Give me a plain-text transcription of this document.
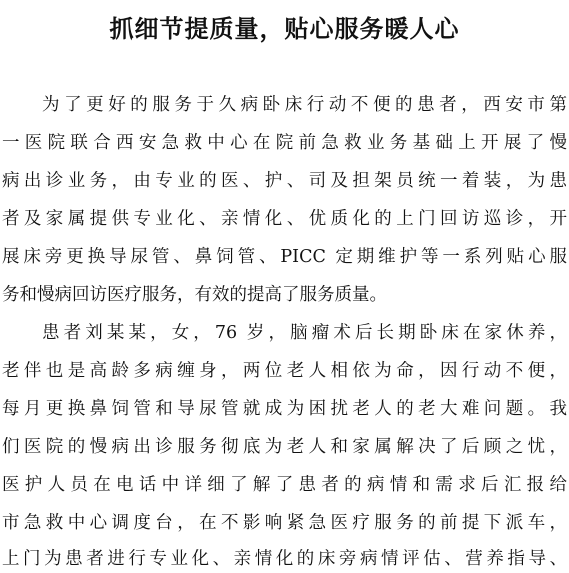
抓细节提质量，贴心服务暖人心
为了更好的服务于久病卧床行动不便的患者，西安市第
一医院联合西安急救中心在院前急救业务基础上开展了慢
病出诊业务，由专业的医、护、司及担架员统一着装，为患
者及家属提供专业化、亲情化、优质化的上门回访巡诊，开
展床旁更换导尿管、鼻饲管、PICC 定期维护等一系列贴心服
务和慢病回访医疗服务，有效的提高了服务质量。
患者刘某某，女，76 岁，脑瘤术后长期卧床在家休养，
老伴也是高龄多病缠身，两位老人相依为命，因行动不便，
每月更换鼻饲管和导尿管就成为困扰老人的老大难问题。我
们医院的慢病出诊服务彻底为老人和家属解决了后顾之忧，
医护人员在电话中详细了解了患者的病情和需求后汇报给
市急救中心调度台，在不影响紧急医疗服务的前提下派车，
上门为患者进行专业化、亲情化的床旁病情评估、营养指导、
